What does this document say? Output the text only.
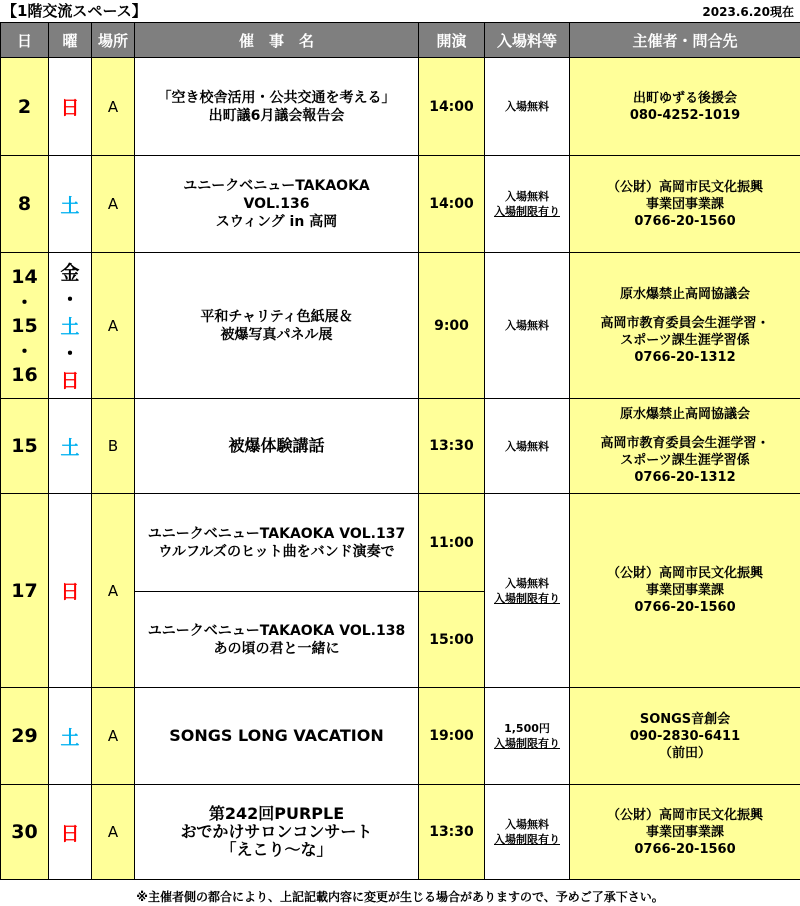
【1階交流スペース】	2023.6.20現在
日	曜	場所	催　事　名	開演	入場料等	主催者・問合先
2	日	A	「空き校舎活用・公共交通を考える」
出町議6月議会報告会	14:00	入場無料	出町ゆずる後援会
080-4252-1019

8	土	A	ユニークベニューTAKAOKA
VOL.136
スウィング in 高岡	14:00	入場無料
入場制限有り	（公財）高岡市民文化振興
事業団事業課
0766-20-1560

14
・
15
・
16	金
・
土
・
日	A	平和チャリティ色紙展＆
被爆写真パネル展	9:00	入場無料	原水爆禁止高岡協議会
高岡市教育委員会生涯学習・
スポーツ課生涯学習係
0766-20-1312

15	土	B	被爆体験講話	13:30	入場無料	原水爆禁止高岡協議会
高岡市教育委員会生涯学習・
スポーツ課生涯学習係
0766-20-1312

17	日	A	ユニークベニューTAKAOKA VOL.137
ウルフルズのヒット曲をバンド演奏で	11:00	入場無料
入場制限有り	（公財）高岡市民文化振興
事業団事業課
0766-20-1560

			ユニークベニューTAKAOKA VOL.138
あの頃の君と一緒に	15:00		
29	土	A	SONGS LONG VACATION	19:00	1,500円
入場制限有り	SONGS音創会
090-2830-6411
（前田）

30	日	A	第242回PURPLE
おでかけサロンコンサート
「えこり～な」	13:30	入場無料
入場制限有り	（公財）高岡市民文化振興
事業団事業課
0766-20-1560
※主催者側の都合により、上記記載内容に変更が生じる場合がありますので、予めご了承下さい。
